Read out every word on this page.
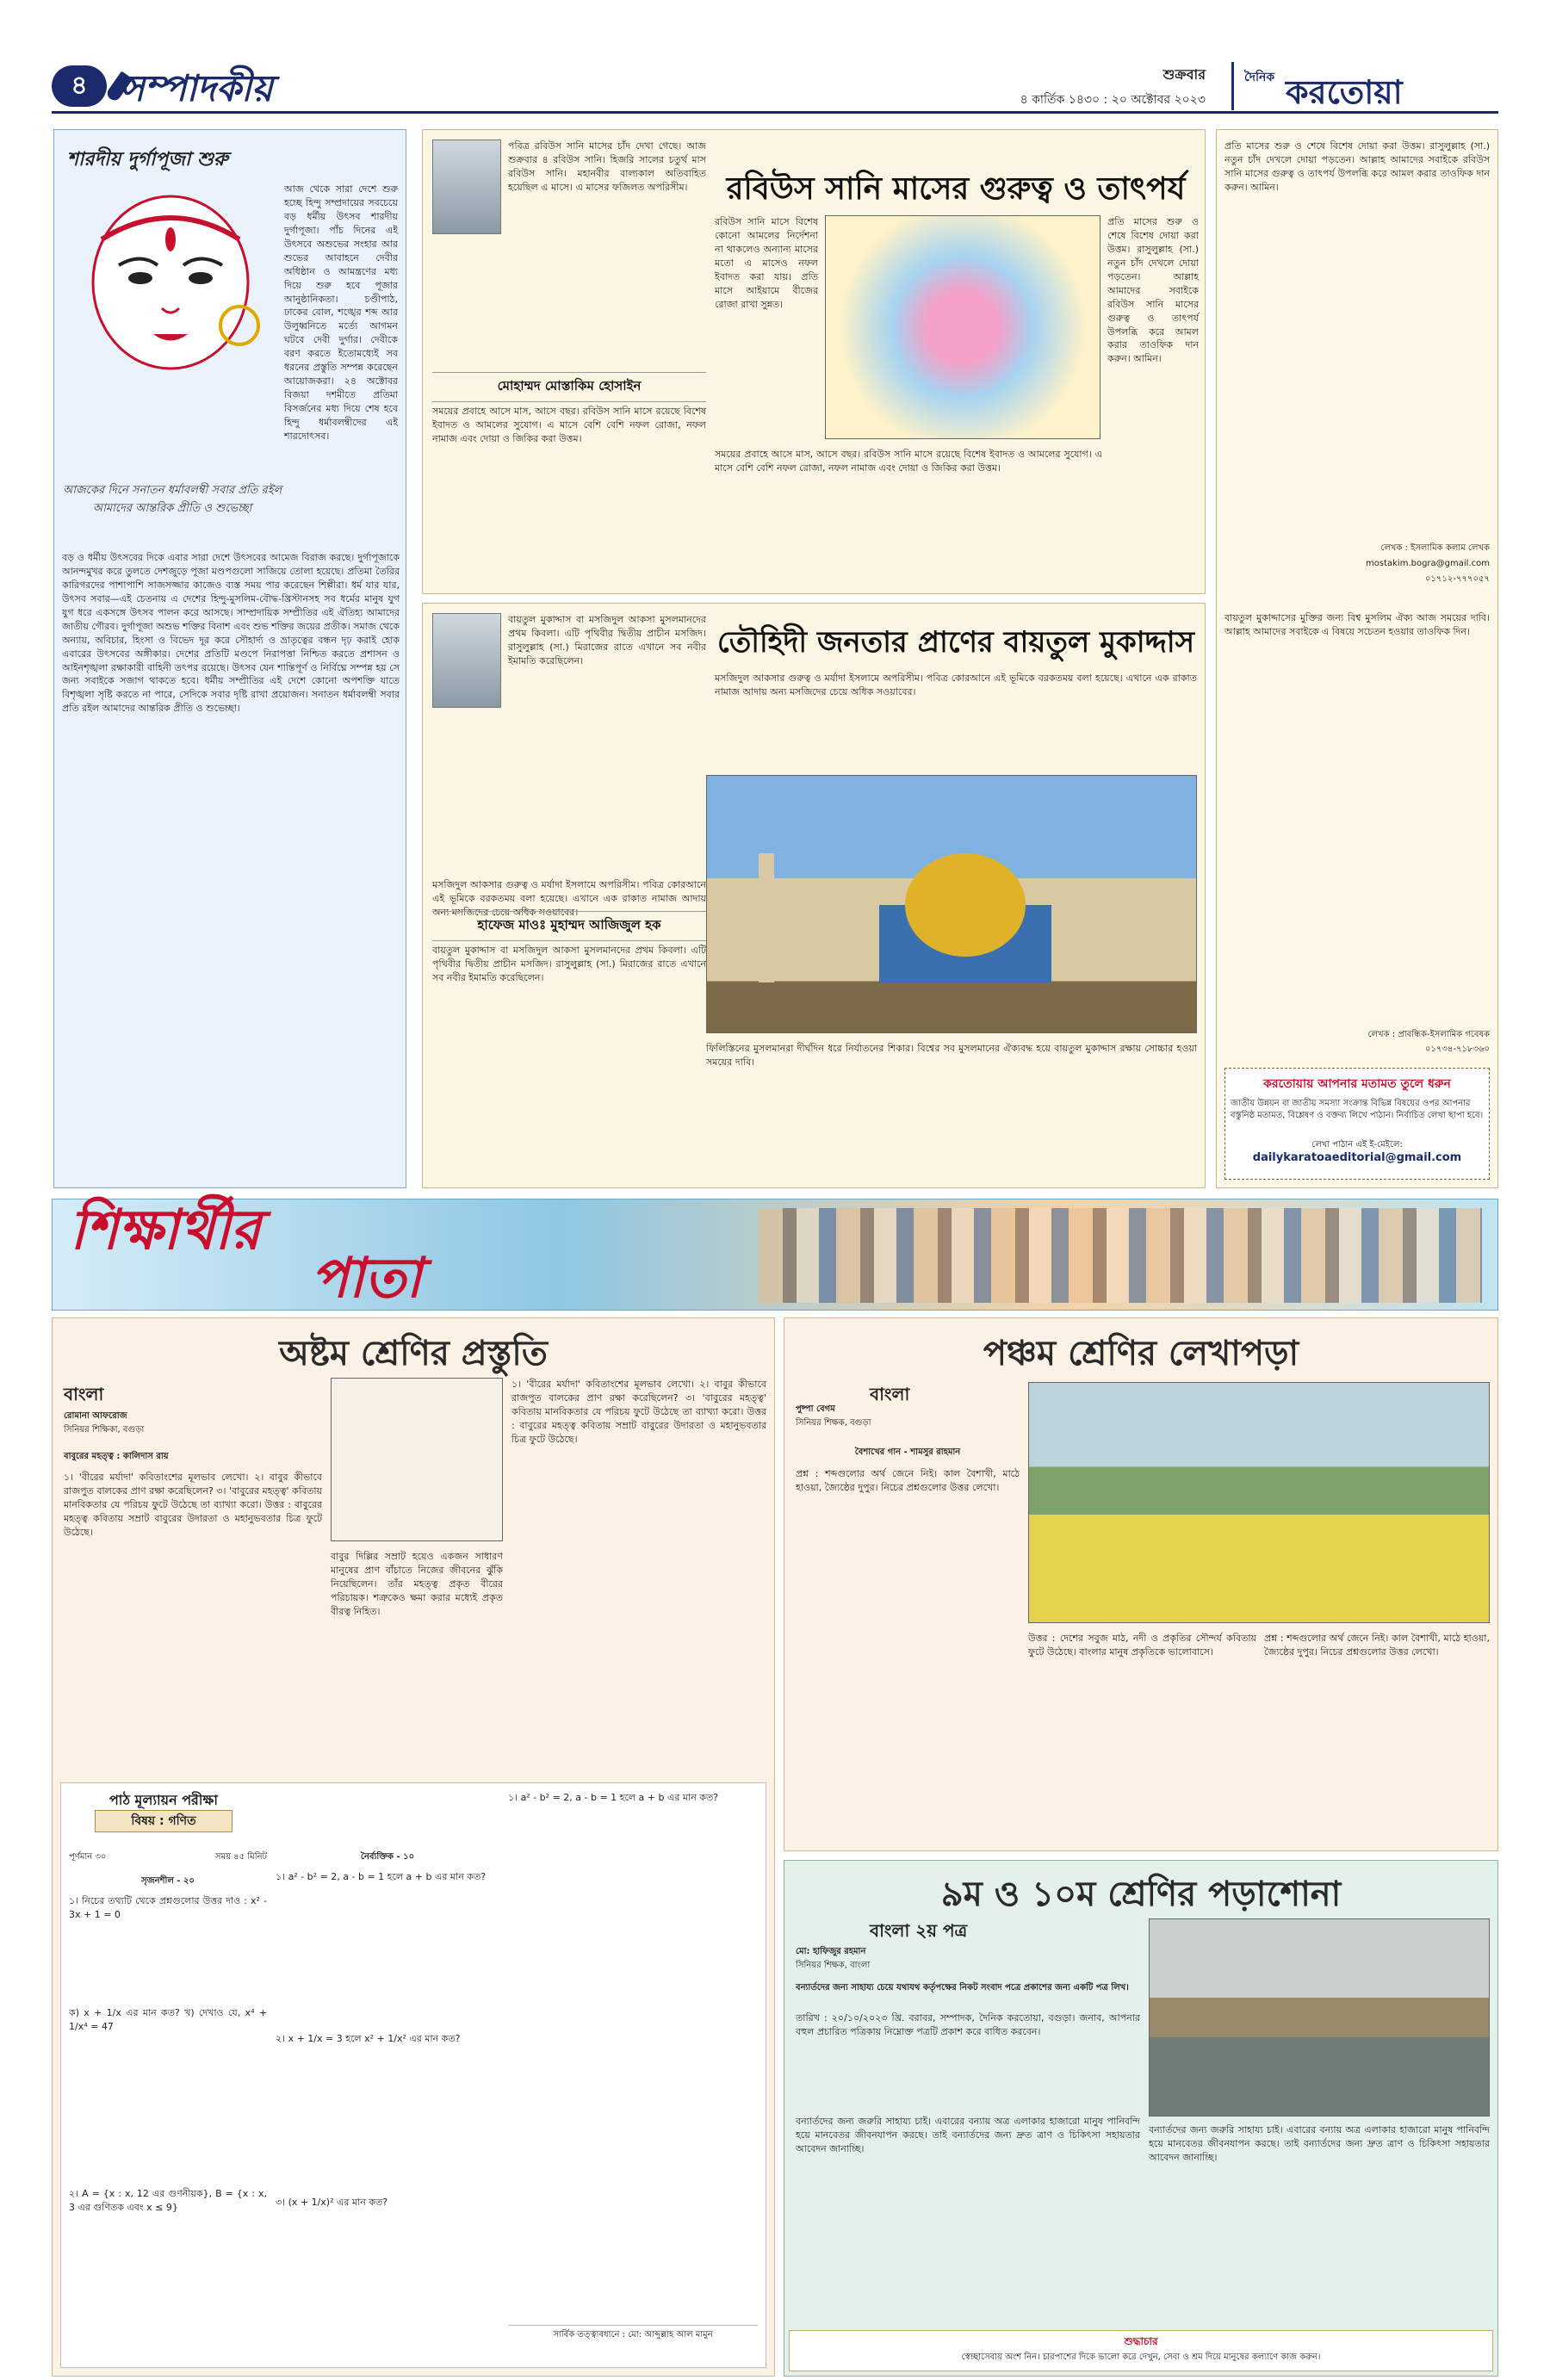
৪ সম্পাদকীয়	শুক্রবার
৪ কার্তিক ১৪৩০ : ২০ অক্টোবর ২০২৩
দৈনিক করতোয়া
শারদীয় দুর্গাপূজা শুরু
আজ থেকে সারা দেশে শুরু হচ্ছে হিন্দু সম্প্রদায়ের সবচেয়ে বড় ধর্মীয় উৎসব শারদীয় দুর্গাপূজা। পাঁচ দিনের এই উৎসবে অশুভের সংহার আর শুভের আবাহনে দেবীর অধিষ্ঠান ও আমন্ত্রণের মধ্য দিয়ে শুরু হবে পূজার আনুষ্ঠানিকতা। চণ্ডীপাঠ, ঢাকের বোল, শঙ্খের শব্দ আর উলুধ্বনিতে মর্ত্যে আগমন ঘটবে দেবী দুর্গার। দেবীকে বরণ করতে ইতোমধ্যেই সব ধরনের প্রস্তুতি সম্পন্ন করেছেন আয়োজকরা। ২৪ অক্টোবর বিজয়া দশমীতে প্রতিমা বিসর্জনের মধ্য দিয়ে শেষ হবে হিন্দু ধর্মাবলম্বীদের এই শারদোৎসব।
আজকের দিনে সনাতন ধর্মাবলম্বী সবার প্রতি রইল আমাদের আন্তরিক প্রীতি ও শুভেচ্ছা
বড় ও ধর্মীয় উৎসবের দিকে এবার সারা দেশে উৎসবের আমেজ বিরাজ করছে। দুর্গাপূজাকে আনন্দমুখর করে তুলতে দেশজুড়ে পূজা মণ্ডপগুলো সাজিয়ে তোলা হয়েছে। প্রতিমা তৈরির কারিগরদের পাশাপাশি সাজসজ্জার কাজেও ব্যস্ত সময় পার করেছেন শিল্পীরা। ধর্ম যার যার, উৎসব সবার—এই চেতনায় এ দেশের হিন্দু-মুসলিম-বৌদ্ধ-খ্রিস্টানসহ সব ধর্মের মানুষ যুগ যুগ ধরে একসঙ্গে উৎসব পালন করে আসছে। সাম্প্রদায়িক সম্প্রীতির এই ঐতিহ্য আমাদের জাতীয় গৌরব। দুর্গাপূজা অশুভ শক্তির বিনাশ এবং শুভ শক্তির জয়ের প্রতীক। সমাজ থেকে অন্যায়, অবিচার, হিংসা ও বিভেদ দূর করে সৌহার্দ্য ও ভ্রাতৃত্বের বন্ধন দৃঢ় করাই হোক এবারের উৎসবের অঙ্গীকার। দেশের প্রতিটি মণ্ডপে নিরাপত্তা নিশ্চিত করতে প্রশাসন ও আইনশৃঙ্খলা রক্ষাকারী বাহিনী তৎপর রয়েছে। উৎসব যেন শান্তিপূর্ণ ও নির্বিঘ্নে সম্পন্ন হয় সে জন্য সবাইকে সজাগ থাকতে হবে। ধর্মীয় সম্প্রীতির এই দেশে কোনো অপশক্তি যাতে বিশৃঙ্খলা সৃষ্টি করতে না পারে, সেদিকে সবার দৃষ্টি রাখা প্রয়োজন। সনাতন ধর্মাবলম্বী সবার প্রতি রইল আমাদের আন্তরিক প্রীতি ও শুভেচ্ছা।
পবিত্র রবিউস সানি মাসের চাঁদ দেখা গেছে। আজ শুক্রবার ৪ রবিউস সানি। হিজরি সালের চতুর্থ মাস রবিউস সানি। মহানবীর বাল্যকাল অতিবাহিত হয়েছিল এ মাসে। এ মাসের ফজিলত অপরিসীম।	রবিউস সানি মাসের গুরুত্ব ও তাৎপর্য
মোহাম্মদ মোস্তাকিম হোসাইন
সময়ের প্রবাহে আসে মাস, আসে বছর। রবিউস সানি মাসে রয়েছে বিশেষ ইবাদত ও আমলের সুযোগ। এ মাসে বেশি বেশি নফল রোজা, নফল নামাজ এবং দোয়া ও জিকির করা উত্তম।
রবিউস সানি মাসে বিশেষ কোনো আমলের নির্দেশনা না থাকলেও অন্যান্য মাসের মতো এ মাসেও নফল ইবাদত করা যায়। প্রতি মাসে আইয়ামে বীজের রোজা রাখা সুন্নত।
প্রতি মাসের শুরু ও শেষে বিশেষ দোয়া করা উত্তম। রাসুলুল্লাহ (সা.) নতুন চাঁদ দেখলে দোয়া পড়তেন। আল্লাহ আমাদের সবাইকে রবিউস সানি মাসের গুরুত্ব ও তাৎপর্য উপলব্ধি করে আমল করার তাওফিক দান করুন। আমিন।
সময়ের প্রবাহে আসে মাস, আসে বছর। রবিউস সানি মাসে রয়েছে বিশেষ ইবাদত ও আমলের সুযোগ। এ মাসে বেশি বেশি নফল রোজা, নফল নামাজ এবং দোয়া ও জিকির করা উত্তম।
প্রতি মাসের শুরু ও শেষে বিশেষ দোয়া করা উত্তম। রাসুলুল্লাহ (সা.) নতুন চাঁদ দেখলে দোয়া পড়তেন। আল্লাহ আমাদের সবাইকে রবিউস সানি মাসের গুরুত্ব ও তাৎপর্য উপলব্ধি করে আমল করার তাওফিক দান করুন। আমিন।
লেখক : ইসলামিক কলাম লেখক
mostakim.bogra@gmail.com
০১৭১২-৭৭৭০৫৭
বায়তুল মুকাদ্দাসের মুক্তির জন্য বিশ্ব মুসলিম ঐক্য আজ সময়ের দাবি। আল্লাহ আমাদের সবাইকে এ বিষয়ে সচেতন হওয়ার তাওফিক দিন।
লেখক : প্রাবন্ধিক-ইসলামিক গবেষক
০১৭৩৪-৭১৮৩৬০
করতোয়ায় আপনার মতামত তুলে ধরুন
জাতীয় উন্নয়ন বা জাতীয় সমস্যা সংক্রান্ত বিভিন্ন বিষয়ের ওপর আপনার বস্তুনিষ্ঠ মতামত, বিশ্লেষণ ও বক্তব্য লিখে পাঠান। নির্বাচিত লেখা ছাপা হবে।
লেখা পাঠান এই ই-মেইলে:
dailykaratoaeditorial@gmail.com
বায়তুল মুকাদ্দাস বা মসজিদুল আকসা মুসলমানদের প্রথম কিবলা। এটি পৃথিবীর দ্বিতীয় প্রাচীন মসজিদ। রাসুলুল্লাহ (সা.) মিরাজের রাতে এখানে সব নবীর ইমামতি করেছিলেন।
তৌহিদী জনতার প্রাণের বায়তুল মুকাদ্দাস
মসজিদুল আকসার গুরুত্ব ও মর্যাদা ইসলামে অপরিসীম। পবিত্র কোরআনে এই ভূমিকে বরকতময় বলা হয়েছে। এখানে এক রাকাত নামাজ আদায় অন্য মসজিদের চেয়ে অধিক সওয়াবের।
মসজিদুল আকসার গুরুত্ব ও মর্যাদা ইসলামে অপরিসীম। পবিত্র কোরআনে এই ভূমিকে বরকতময় বলা হয়েছে। এখানে এক রাকাত নামাজ আদায় অন্য মসজিদের চেয়ে অধিক সওয়াবের।
হাফেজ মাওঃ মুহাম্মদ আজিজুল হক
বায়তুল মুকাদ্দাস বা মসজিদুল আকসা মুসলমানদের প্রথম কিবলা। এটি পৃথিবীর দ্বিতীয় প্রাচীন মসজিদ। রাসুলুল্লাহ (সা.) মিরাজের রাতে এখানে সব নবীর ইমামতি করেছিলেন।
ফিলিস্তিনের মুসলমানরা দীর্ঘদিন ধরে নির্যাতনের শিকার। বিশ্বের সব মুসলমানের ঐক্যবদ্ধ হয়ে বায়তুল মুকাদ্দাস রক্ষায় সোচ্চার হওয়া সময়ের দাবি।
শিক্ষার্থীর
পাতা
অষ্টম শ্রেণির প্রস্তুতি
বাংলা
রোমানা আফরোজ
সিনিয়র শিক্ষিকা, বগুড়া
বাবুরের মহত্ত্ব : কালিদাস রায়
১। 'বীরের মর্যাদা' কবিতাংশের মূলভাব লেখো। ২। বাবুর কীভাবে রাজপুত বালকের প্রাণ রক্ষা করেছিলেন? ৩। 'বাবুরের মহত্ত্ব' কবিতায় মানবিকতার যে পরিচয় ফুটে উঠেছে তা ব্যাখ্যা করো। উত্তর : বাবুরের মহত্ত্ব কবিতায় সম্রাট বাবুরের উদারতা ও মহানুভবতার চিত্র ফুটে উঠেছে।
বাবুর দিল্লির সম্রাট হয়েও একজন সাধারণ মানুষের প্রাণ বাঁচাতে নিজের জীবনের ঝুঁকি নিয়েছিলেন। তাঁর মহত্ত্ব প্রকৃত বীরের পরিচায়ক। শত্রুকেও ক্ষমা করার মধ্যেই প্রকৃত বীরত্ব নিহিত।
১। 'বীরের মর্যাদা' কবিতাংশের মূলভাব লেখো। ২। বাবুর কীভাবে রাজপুত বালকের প্রাণ রক্ষা করেছিলেন? ৩। 'বাবুরের মহত্ত্ব' কবিতায় মানবিকতার যে পরিচয় ফুটে উঠেছে তা ব্যাখ্যা করো। উত্তর : বাবুরের মহত্ত্ব কবিতায় সম্রাট বাবুরের উদারতা ও মহানুভবতার চিত্র ফুটে উঠেছে।
পাঠ মূল্যায়ন পরীক্ষা
বিষয় : গণিত
পূর্ণমান ৩০	সময় ৪৫ মিনিট
সৃজনশীল - ২০
১। নিচের তথ্যটি থেকে প্রশ্নগুলোর উত্তর দাও : x² - 3x + 1 = 0
ক) x + 1/x এর মান কত? খ) দেখাও যে, x⁴ + 1/x⁴ = 47
২। A = {x : x, 12 এর গুণনীয়ক}, B = {x : x, 3 এর গুণিতক এবং x ≤ 9}
নৈর্ব্যক্তিক - ১০
১। a² - b² = 2, a - b = 1 হলে a + b এর মান কত?
২। x + 1/x = 3 হলে x² + 1/x² এর মান কত?
৩। (x + 1/x)² এর মান কত?
১। a² - b² = 2, a - b = 1 হলে a + b এর মান কত?
সার্বিক তত্ত্বাবধানে : মো: আব্দুল্লাহ আল মামুন
পঞ্চম শ্রেণির লেখাপড়া
বাংলা
পুষ্পা বেগম
সিনিয়র শিক্ষক, বগুড়া
বৈশাখের গান - শামসুর রাহমান
প্রশ্ন : শব্দগুলোর অর্থ জেনে নিই। কাল বৈশাখী, মাঠে হাওয়া, জ্যৈষ্ঠের দুপুর। নিচের প্রশ্নগুলোর উত্তর লেখো।
উত্তর : দেশের সবুজ মাঠ, নদী ও প্রকৃতির সৌন্দর্য কবিতায় ফুটে উঠেছে। বাংলার মানুষ প্রকৃতিকে ভালোবাসে।
প্রশ্ন : শব্দগুলোর অর্থ জেনে নিই। কাল বৈশাখী, মাঠে হাওয়া, জ্যৈষ্ঠের দুপুর। নিচের প্রশ্নগুলোর উত্তর লেখো।
৯ম ও ১০ম শ্রেণির পড়াশোনা
বাংলা ২য় পত্র
মো: হাফিজুর রহমান
সিনিয়র শিক্ষক, বাংলা
বন্যার্তদের জন্য সাহায্য চেয়ে যথাযথ কর্তৃপক্ষের নিকট সংবাদ পত্রে প্রকাশের জন্য একটি পত্র লিখ।
তারিখ : ২০/১০/২০২৩ খ্রি. বরাবর, সম্পাদক, দৈনিক করতোয়া, বগুড়া। জনাব, আপনার বহুল প্রচারিত পত্রিকায় নিম্নোক্ত পত্রটি প্রকাশ করে বাধিত করবেন।
বন্যার্তদের জন্য জরুরি সাহায্য চাই। এবারের বন্যায় অত্র এলাকার হাজারো মানুষ পানিবন্দি হয়ে মানবেতর জীবনযাপন করছে। তাই বন্যার্তদের জন্য দ্রুত ত্রাণ ও চিকিৎসা সহায়তার আবেদন জানাচ্ছি।
বন্যার্তদের জন্য জরুরি সাহায্য চাই। এবারের বন্যায় অত্র এলাকার হাজারো মানুষ পানিবন্দি হয়ে মানবেতর জীবনযাপন করছে। তাই বন্যার্তদের জন্য দ্রুত ত্রাণ ও চিকিৎসা সহায়তার আবেদন জানাচ্ছি।
শুদ্ধাচার
স্বেচ্ছাসেবায় অংশ নিন। চারপাশের দিকে ভালো করে দেখুন, সেবা ও শ্রম দিয়ে মানুষের কল্যাণে কাজ করুন।
